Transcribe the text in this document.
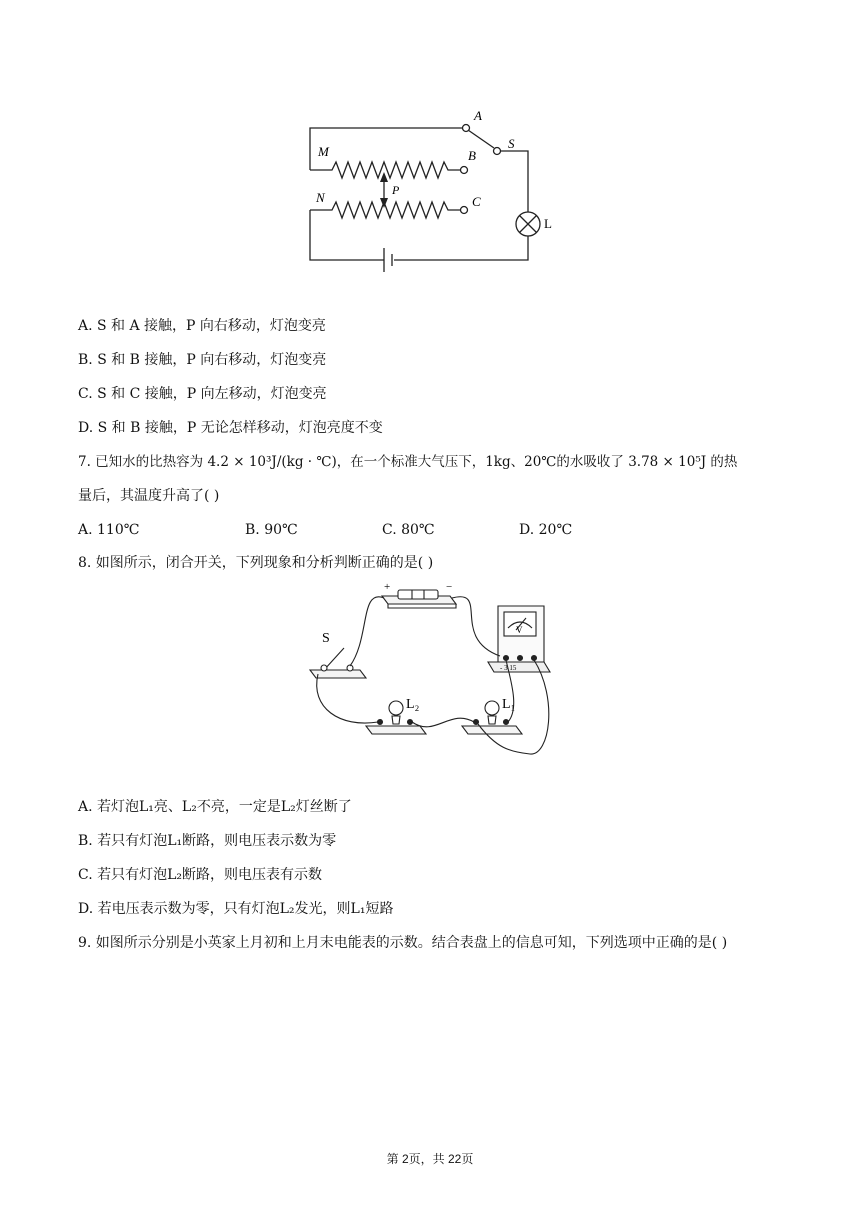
A
M	B
S
P
N	C
L
A. S 和 A 接触，P 向右移动，灯泡变亮
B. S 和 B 接触，P 向右移动，灯泡变亮
C. S 和 C 接触，P 向左移动，灯泡变亮
D. S 和 B 接触，P 无论怎样移动，灯泡亮度不变
7. 已知水的比热容为 4.2 × 10³J/(kg · ℃)，在一个标准大气压下，1kg、20℃的水吸收了 3.78 × 10⁵J 的热
量后，其温度升高了( )
A. 110℃	B. 90℃	C. 80℃	D. 20℃
8. 如图所示，闭合开关，下列现象和分析判断正确的是( )
+	−
S
L₂	L₁
V
- 3 15
A. 若灯泡L₁亮、L₂不亮，一定是L₂灯丝断了
B. 若只有灯泡L₁断路，则电压表示数为零
C. 若只有灯泡L₂断路，则电压表有示数
D. 若电压表示数为零，只有灯泡L₂发光，则L₁短路
9. 如图所示分别是小英家上月初和上月末电能表的示数。结合表盘上的信息可知，下列选项中正确的是( )
第 2页，共 22页
